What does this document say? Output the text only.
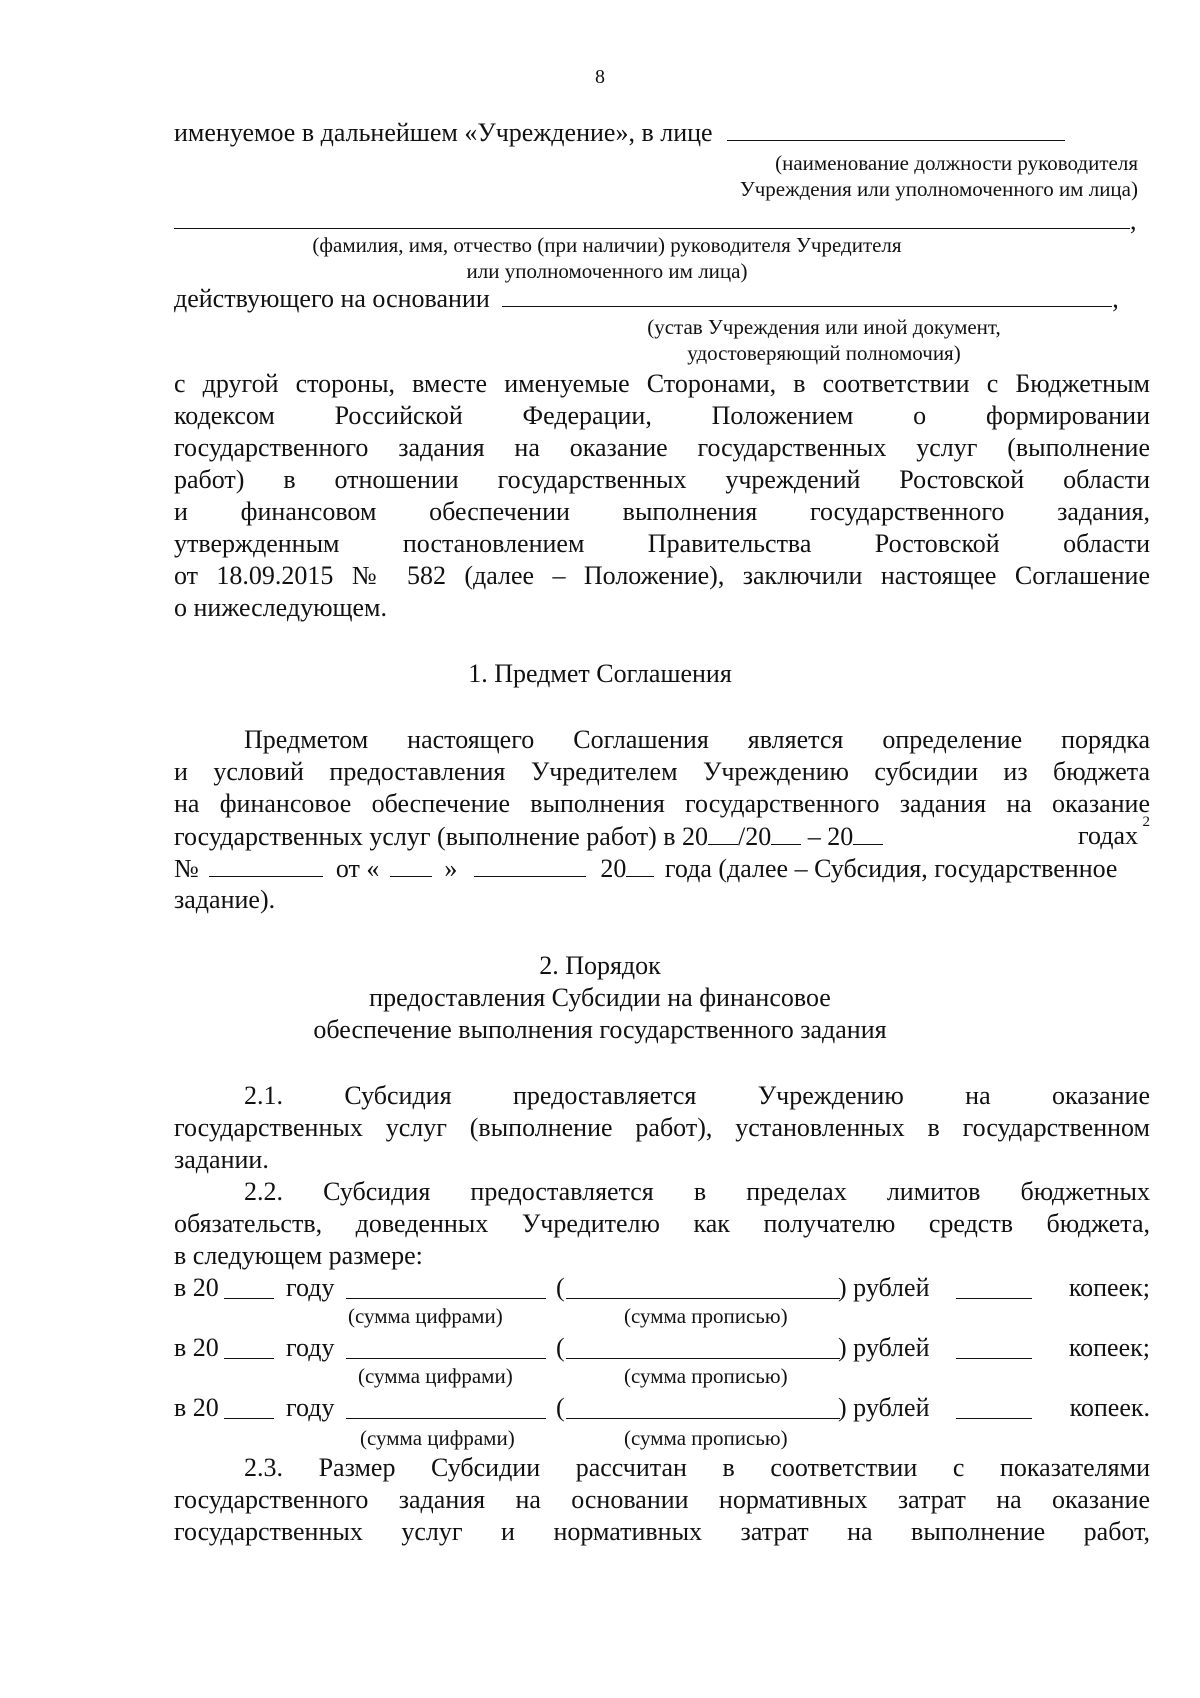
8
именуемое в дальнейшем «Учреждение», в лице
(наименование должности руководителя
Учреждения или уполномоченного им лица)
,
(фамилия, имя, отчество (при наличии) руководителя Учредителя
или уполномоченного им лица)
действующего на основании	,
(устав Учреждения или иной документ,
удостоверяющий полномочия)
с другой стороны, вместе именуемые Сторонами, в соответствии с Бюджетным
кодексом Российской Федерации, Положением о формировании
государственного задания на оказание государственных услуг (выполнение
работ) в отношении государственных учреждений Ростовской области
и финансовом обеспечении выполнения государственного задания,
утвержденным постановлением Правительства Ростовской области
от 18.09.2015 № 582 (далее – Положение), заключили настоящее Соглашение
о нижеследующем.
1. Предмет Соглашения
Предметом настоящего Соглашения является определение порядка
и условий предоставления Учредителем Учреждению субсидии из бюджета
на финансовое обеспечение выполнения государственного задания на оказание
государственных услуг (выполнение работ) в 20 /20 – 20	годах 2
№	от «	»	20 года (далее – Субсидия, государственное
задание).
2. Порядок
предоставления Субсидии на финансовое
обеспечение выполнения государственного задания
2.1. Субсидия предоставляется Учреждению на оказание
государственных услуг (выполнение работ), установленных в государственном
задании.
2.2. Субсидия предоставляется в пределах лимитов бюджетных
обязательств, доведенных Учредителю как получателю средств бюджета,
в следующем размере:
в 20	году	(	) рублей	копеек;
(сумма цифрами)	(сумма прописью)
в 20	году	(	) рублей	копеек;
(сумма цифрами)	(сумма прописью)
в 20	году	(	) рублей	копеек.
(сумма цифрами)	(сумма прописью)
2.3. Размер Субсидии рассчитан в соответствии с показателями
государственного задания на основании нормативных затрат на оказание
государственных услуг и нормативных затрат на выполнение работ,
